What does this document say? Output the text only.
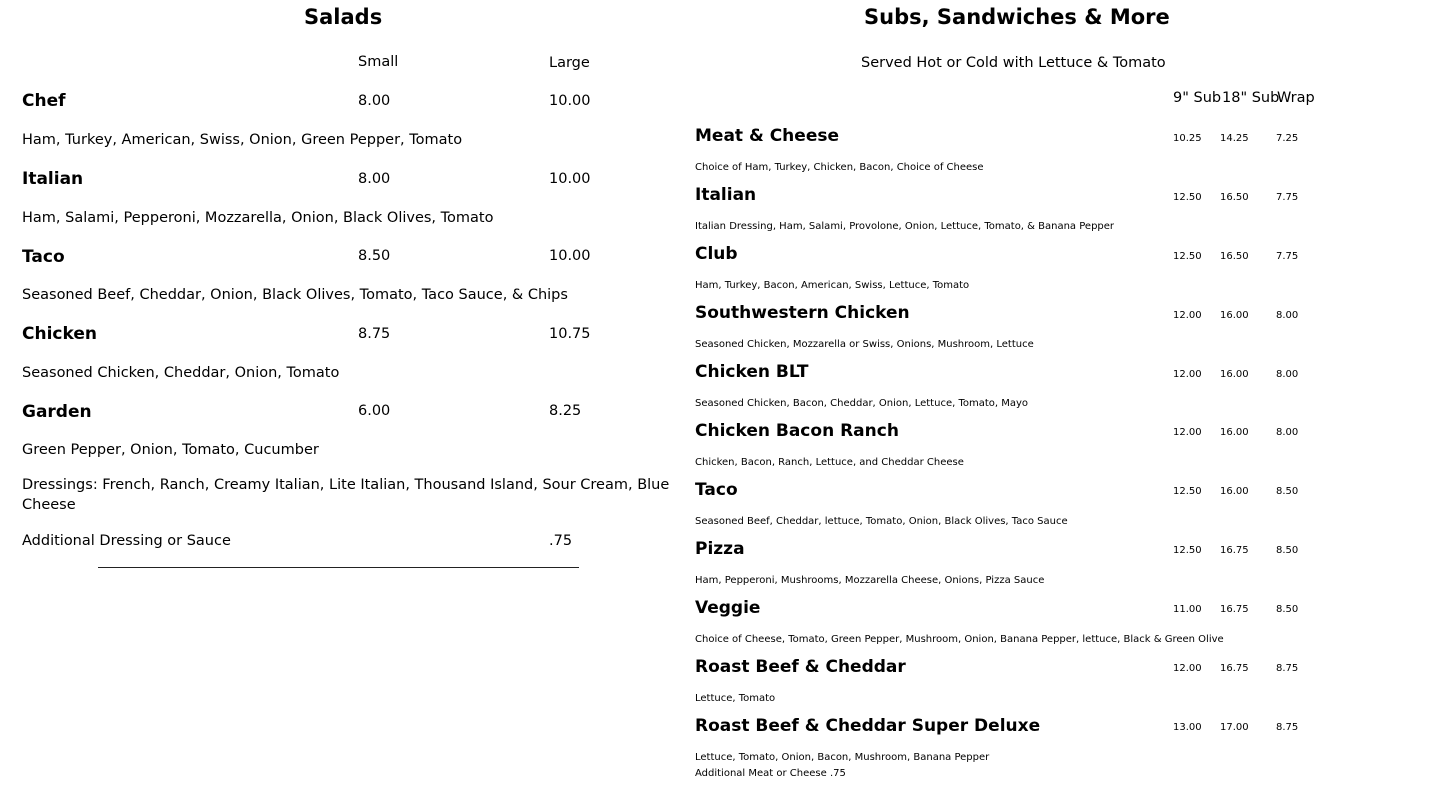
Salads
Small	Large
Chef	8.00	10.00
Ham, Turkey, American, Swiss, Onion, Green Pepper, Tomato
Italian	8.00	10.00
Ham, Salami, Pepperoni, Mozzarella, Onion, Black Olives, Tomato
Taco	8.50	10.00
Seasoned Beef, Cheddar, Onion, Black Olives, Tomato, Taco Sauce, & Chips
Chicken	8.75	10.75
Seasoned Chicken, Cheddar, Onion, Tomato
Garden	6.00	8.25
Green Pepper, Onion, Tomato, Cucumber
Dressings: French, Ranch, Creamy Italian, Lite Italian, Thousand Island, Sour Cream, Blue
Cheese
Additional Dressing or Sauce	.75
Subs, Sandwiches & More
Served Hot or Cold with Lettuce & Tomato
9" Sub 18" Sub
Wrap
Meat & Cheese	10.25 14.25	7.25
Choice of Ham, Turkey, Chicken, Bacon, Choice of Cheese
Italian	12.50 16.50	7.75
Italian Dressing, Ham, Salami, Provolone, Onion, Lettuce, Tomato, & Banana Pepper
Club	12.50 16.50	7.75
Ham, Turkey, Bacon, American, Swiss, Lettuce, Tomato
Southwestern Chicken	12.00 16.00	8.00
Seasoned Chicken, Mozzarella or Swiss, Onions, Mushroom, Lettuce
Chicken BLT	12.00 16.00	8.00
Seasoned Chicken, Bacon, Cheddar, Onion, Lettuce, Tomato, Mayo
Chicken Bacon Ranch	12.00 16.00	8.00
Chicken, Bacon, Ranch, Lettuce, and Cheddar Cheese
Taco	12.50 16.00	8.50
Seasoned Beef, Cheddar, lettuce, Tomato, Onion, Black Olives, Taco Sauce
Pizza	12.50 16.75	8.50
Ham, Pepperoni, Mushrooms, Mozzarella Cheese, Onions, Pizza Sauce
Veggie	11.00 16.75	8.50
Choice of Cheese, Tomato, Green Pepper, Mushroom, Onion, Banana Pepper, lettuce, Black & Green Olive
Roast Beef & Cheddar	12.00 16.75	8.75
Lettuce, Tomato
Roast Beef & Cheddar Super Deluxe	13.00 17.00	8.75
Lettuce, Tomato, Onion, Bacon, Mushroom, Banana Pepper
Additional Meat or Cheese .75
